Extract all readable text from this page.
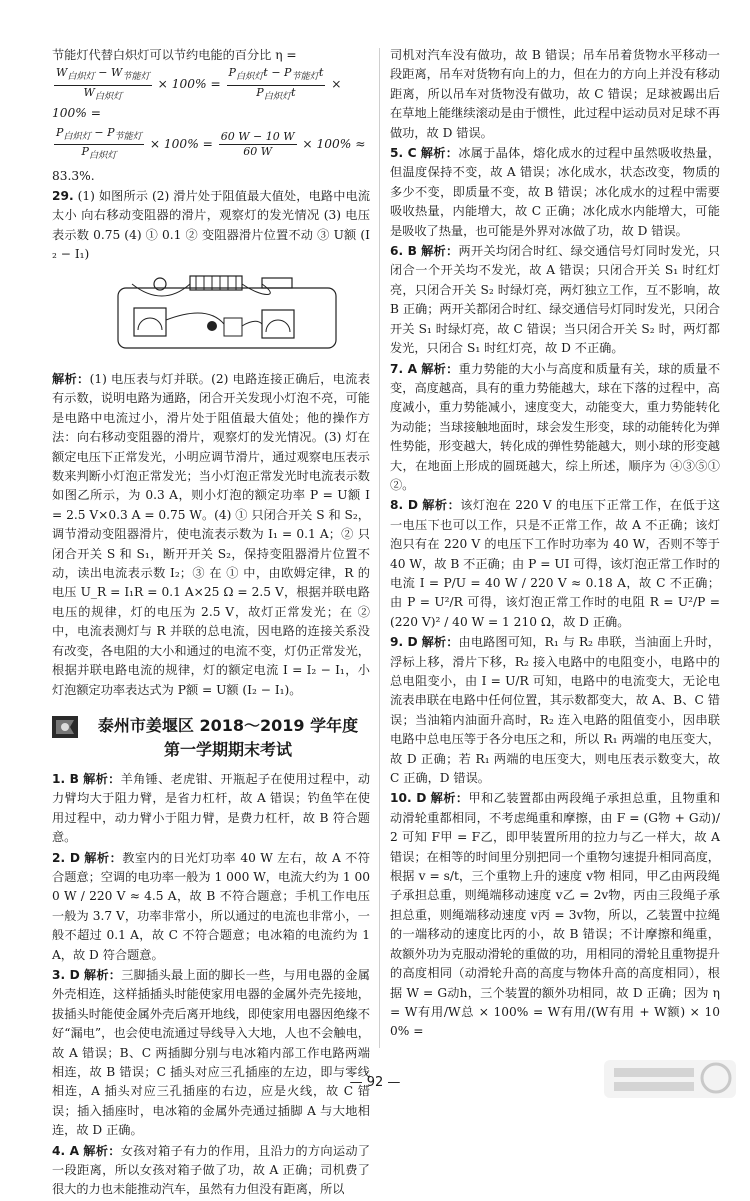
节能灯代替白炽灯可以节约电能的百分比 η =

$\frac{W_{白炽灯} - W_{节能灯}}{W_{白炽灯}} \times 100\% = \frac{P_{白炽灯}t - P_{节能灯}t}{P_{白炽灯}t} \times 100\%$ =
$\frac{P_{白炽灯} - P_{节能灯}}{P_{白炽灯}} \times 100\% = \frac{60 W - 10 W}{60 W} \times 100\%$ ≈

83.3%.

29. (1) 如图所示 (2) 滑片处于阻值最大值处，电路中电流太小 向右移动变阻器的滑片，观察灯的发光情况 (3) 电压表示数 0.75 (4) ① 0.1 ② 变阻器滑片位置不动 ③ U额 (I₂ − I₁)

解析：(1) 电压表与灯并联。(2) 电路连接正确后，电流表有示数，说明电路为通路，闭合开关发现小灯泡不亮，可能是电路中电流过小，滑片处于阻值最大值处；他的操作方法：向右移动变阻器的滑片，观察灯的发光情况。(3) 灯在额定电压下正常发光，小明应调节滑片，通过观察电压表示数来判断小灯泡正常发光；当小灯泡正常发光时电流表示数如图乙所示，为 0.3 A，则小灯泡的额定功率 P = U额 I = 2.5 V×0.3 A = 0.75 W。(4) ① 只闭合开关 S 和 S₂，调节滑动变阻器滑片，使电流表示数为 I₁ = 0.1 A；② 只闭合开关 S 和 S₁，断开开关 S₂，保持变阻器滑片位置不动，读出电流表示数 I₂；③ 在 ① 中，由欧姆定律，R 的电压 U_R = I₁R = 0.1 A×25 Ω = 2.5 V，根据并联电路电压的规律，灯的电压为 2.5 V，故灯正常发光；在 ② 中，电流表测灯与 R 并联的总电流，因电路的连接关系没有改变，各电阻的大小和通过的电流不变，灯仍正常发光，根据并联电路电流的规律，灯的额定电流 I = I₂ − I₁，小灯泡额定功率表达式为 P额 = U额 (I₂ − I₁)。

泰州市姜堰区 2018～2019 学年度
第一学期期末考试

1. B 解析：羊角锤、老虎钳、开瓶起子在使用过程中，动力臂均大于阻力臂，是省力杠杆，故 A 错误；钓鱼竿在使用过程中，动力臂小于阻力臂，是费力杠杆，故 B 符合题意。

2. D 解析：教室内的日光灯功率 40 W 左右，故 A 不符合题意；空调的电功率一般为 1 000 W，电流大约为 1 000 W / 220 V ≈ 4.5 A，故 B 不符合题意；手机工作电压一般为 3.7 V，功率非常小，所以通过的电流也非常小，一般不超过 0.1 A，故 C 不符合题意；电冰箱的电流约为 1 A，故 D 符合题意。

3. D 解析：三脚插头最上面的脚长一些，与用电器的金属外壳相连，这样插插头时能使家用电器的金属外壳先接地，拔插头时能使金属外壳后离开地线，即使家用电器因绝缘不好“漏电”，也会使电流通过导线导入大地，人也不会触电，故 A 错误；B、C 两插脚分别与电冰箱内部工作电路两端相连，故 B 错误；C 插头对应三孔插座的左边，即与零线相连，A 插头对应三孔插座的右边，应是火线，故 C 错误；插入插座时，电冰箱的金属外壳通过插脚 A 与大地相连，故 D 正确。

4. A 解析：女孩对箱子有力的作用，且沿力的方向运动了一段距离，所以女孩对箱子做了功，故 A 正确；司机费了很大的力也未能推动汽车，虽然有力但没有距离，所以

司机对汽车没有做功，故 B 错误；吊车吊着货物水平移动一段距离，吊车对货物有向上的力，但在力的方向上并没有移动距离，所以吊车对货物没有做功，故 C 错误；足球被踢出后在草地上能继续滚动是由于惯性，此过程中运动员对足球不再做功，故 D 错误。

5. C 解析：冰属于晶体，熔化成水的过程中虽然吸收热量，但温度保持不变，故 A 错误；冰化成水，状态改变，物质的多少不变，即质量不变，故 B 错误；冰化成水的过程中需要吸收热量，内能增大，故 C 正确；冰化成水内能增大，可能是吸收了热量，也可能是外界对冰做了功，故 D 错误。

6. B 解析：两开关均闭合时红、绿交通信号灯同时发光，只闭合一个开关均不发光，故 A 错误；只闭合开关 S₁ 时红灯亮，只闭合开关 S₂ 时绿灯亮，两灯独立工作，互不影响，故 B 正确；两开关都闭合时红、绿交通信号灯同时发光，只闭合开关 S₁ 时绿灯亮，故 C 错误；当只闭合开关 S₂ 时，两灯都发光，只闭合 S₁ 时红灯亮，故 D 不正确。

7. A 解析：重力势能的大小与高度和质量有关，球的质量不变，高度越高，具有的重力势能越大，球在下落的过程中，高度减小，重力势能减小，速度变大，动能变大，重力势能转化为动能；当球接触地面时，球会发生形变，球的动能转化为弹性势能，形变越大，转化成的弹性势能越大，则小球的形变越大，在地面上形成的圆斑越大，综上所述，顺序为 ④③⑤①②。

8. D 解析：该灯泡在 220 V 的电压下正常工作，在低于这一电压下也可以工作，只是不正常工作，故 A 不正确；该灯泡只有在 220 V 的电压下工作时功率为 40 W，否则不等于 40 W，故 B 不正确；由 P = UI 可得，该灯泡正常工作时的电流 I = P/U = 40 W / 220 V ≈ 0.18 A，故 C 不正确；由 P = U²/R 可得，该灯泡正常工作时的电阻 R = U²/P = (220 V)² / 40 W = 1 210 Ω，故 D 正确。

9. D 解析：由电路图可知，R₁ 与 R₂ 串联，当油面上升时，浮标上移，滑片下移，R₂ 接入电路中的电阻变小，电路中的总电阻变小，由 I = U/R 可知，电路中的电流变大，无论电流表串联在电路中任何位置，其示数都变大，故 A、B、C 错误；当油箱内油面升高时，R₂ 连入电路的阻值变小，因串联电路中总电压等于各分电压之和，所以 R₁ 两端的电压变大，故 D 正确；若 R₁ 两端的电压变大，则电压表示数变大，故 C 正确，D 错误。

10. D 解析：甲和乙装置都由两段绳子承担总重，且物重和动滑轮重都相同，不考虑绳重和摩擦，由 F = (G物 + G动)/2 可知 F甲 = F乙，即甲装置所用的拉力与乙一样大，故 A 错误；在相等的时间里分别把同一个重物匀速提升相同高度，根据 v = s/t，三个重物上升的速度 v物 相同，甲乙由两段绳子承担总重，则绳端移动速度 v乙 = 2v物，丙由三段绳子承担总重，则绳端移动速度 v丙 = 3v物，所以，乙装置中拉绳的一端移动的速度比丙的小，故 B 错误；不计摩擦和绳重，故额外功为克服动滑轮的重做的功，用相同的滑轮且重物提升的高度相同（动滑轮升高的高度与物体升高的高度相同），根据 W = G动h，三个装置的额外功相同，故 D 正确；因为 η = W有用/W总 × 100% = W有用/(W有用 + W额) × 100% =

— 92 —
